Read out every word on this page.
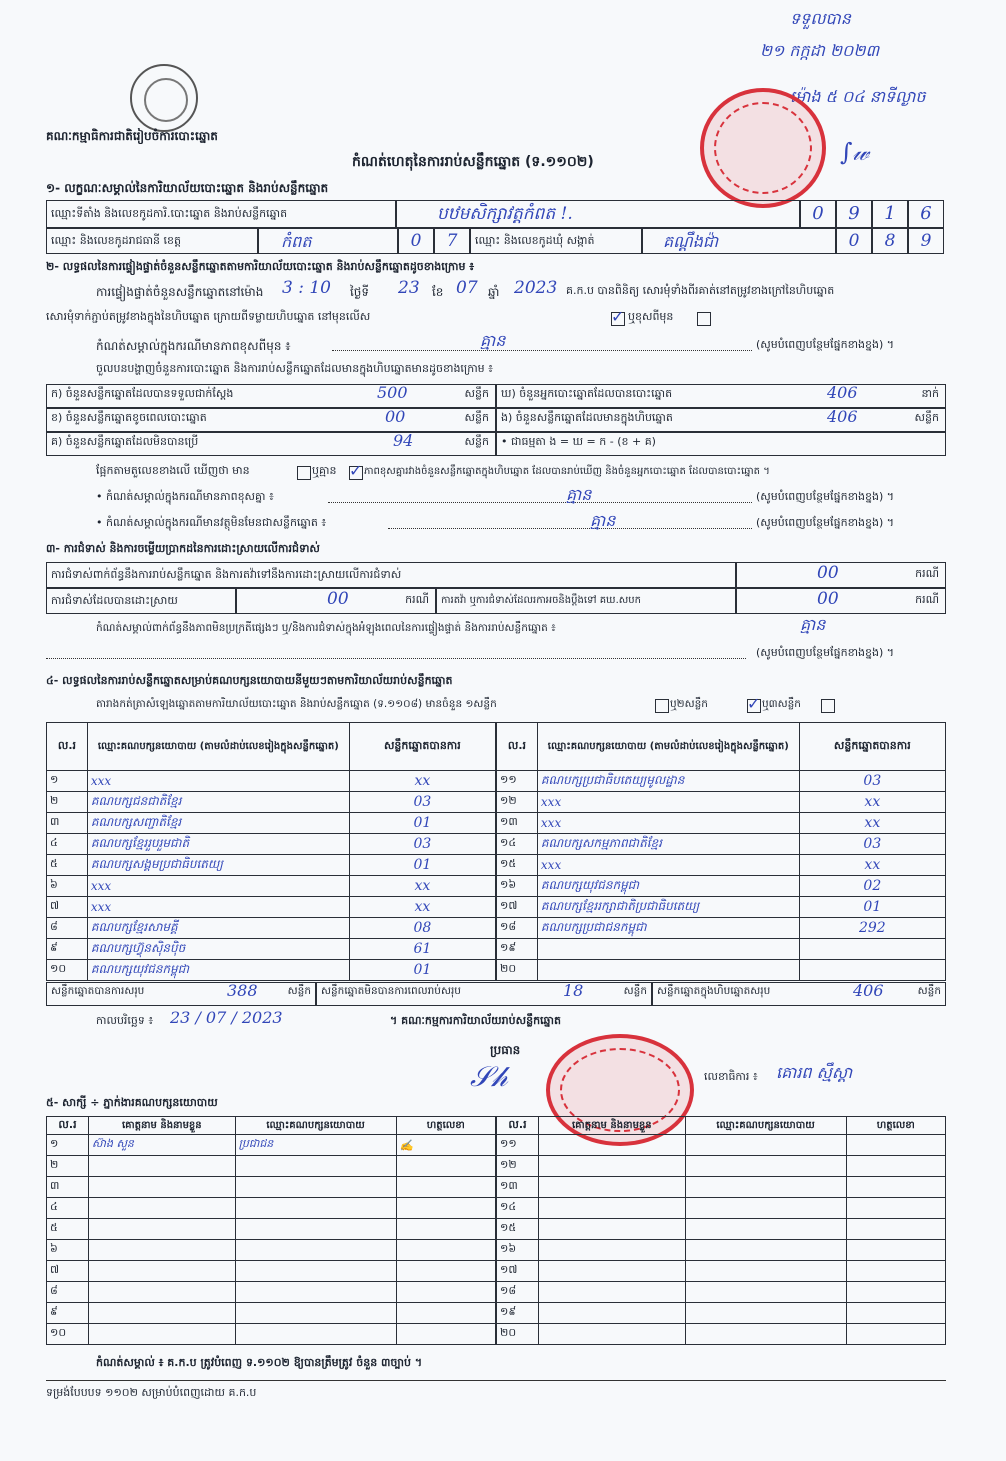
គណៈកម្មាធិការជាតិរៀបចំការបោះឆ្នោត
កំណត់ហេតុនៃការរាប់សន្លឹកឆ្នោត (ទ.១១០២)
ទទួលបាន
២១ កក្កដា ២០២៣
ម៉ោង ៥ ០៤ នាទីល្ងាច
∫𝓌
១- លក្ខណៈសម្គាល់នៃការិយាល័យបោះឆ្នោត និងរាប់សន្លឹកឆ្នោត
ឈ្មោះទីតាំង និងលេខកូដការិ.បោះឆ្នោត និងរាប់សន្លឹកឆ្នោត	បឋមសិក្សាវត្តកំពត !.	0	9	1	6
ឈ្មោះ និងលេខកូដរាជធានី ខេត្ត	កំពត	0	7	ឈ្មោះ និងលេខកូដឃុំ សង្កាត់	គណ្ដឹងជ៉ា	0	8	9
២- លទ្ធផលនៃការផ្ទៀងផ្ទាត់ចំនួនសន្លឹកឆ្នោតតាមការិយាល័យបោះឆ្នោត និងរាប់សន្លឹកឆ្នោតដូចខាងក្រោម ៖
ការផ្ទៀងផ្ទាត់ចំនួនសន្លឹកឆ្នោតនៅម៉ោង 3 : 10 ថ្ងៃទី 23 ខែ 07 ឆ្នាំ 2023 គ.ក.ប បានពិនិត្យ សោរមុំទាំងពីរគាត់នៅតម្រូវខាងក្រៅនៃហិបឆ្នោត
សោរមុំទាក់ភ្ជាប់តម្រូវខាងក្នុងនៃហិបឆ្នោត ក្រោយពីទម្លាយហិបឆ្នោត នៅមុនលើស ✓	ឬខុសពីមុន
កំណត់សម្គាល់ក្នុងករណីមានភាពខុសពីមុន ៖	គ្មាន	(សូមបំពេញបន្ថែមផ្នែកខាងខ្នង) ។
ចួលបនបង្ហាញចំនួនការបោះឆ្នោត និងការរាប់សន្លឹកឆ្នោតដែលមានក្នុងហិបឆ្នោតមានដូចខាងក្រោម ៖
ក) ចំនួនសន្លឹកឆ្នោតដែលបានទទួលជាក់ស្តែង	500	សន្លឹក	ឃ) ចំនួនអ្នកបោះឆ្នោតដែលបានបោះឆ្នោត	406	នាក់
ខ) ចំនួនសន្លឹកឆ្នោតខូចពេលបោះឆ្នោត	00	សន្លឹក	ង) ចំនួនសន្លឹកឆ្នោតដែលមានក្នុងហិបឆ្នោត	406	សន្លឹក
គ) ចំនួនសន្លឹកឆ្នោតដែលមិនបានប្រើ	94	សន្លឹក	• ជាធម្មតា ង = ឃ = ក - (ខ + គ)
ផ្អែកតាមតួលេខខាងលើ ឃើញថា មាន	ឬគ្មាន ✓	ភាពខុសគ្នារវាងចំនួនសន្លឹកឆ្នោតក្នុងហិបឆ្នោត ដែលបានរាប់ឃើញ និងចំនួនអ្នកបោះឆ្នោត ដែលបានបោះឆ្នោត ។
• កំណត់សម្គាល់ក្នុងករណីមានភាពខុសគ្នា ៖	គ្មាន	(សូមបំពេញបន្ថែមផ្នែកខាងខ្នង) ។
• កំណត់សម្គាល់ក្នុងករណីមានវត្ថុមិនមែនជាសន្លឹកឆ្នោត ៖	គ្មាន	(សូមបំពេញបន្ថែមផ្នែកខាងខ្នង) ។
៣- ការជំទាស់ និងការចម្លើយប្រាកដនៃការដោះស្រាយលើការជំទាស់
ការជំទាស់ពាក់ព័ន្ធនឹងការរាប់សន្លឹកឆ្នោត និងការតវ៉ាទៅនឹងការដោះស្រាយលើការជំទាស់	00	ករណី
ការជំទាស់ដែលបានដោះស្រាយ	00	ករណី	ការតវ៉ា ឬការជំទាស់ដែលរកាអចនិងប្ដឹងទៅ គឃ.សបក	00	ករណី
កំណត់សម្គាល់ពាក់ព័ន្ធនឹងភាពមិនប្រក្រតីផ្សេងៗ ឬ/និងការជំទាស់ក្នុងអំឡុងពេលនៃការផ្ទៀងផ្ទាត់ និងការរាប់សន្លឹកឆ្នោត ៖	គ្មាន
(សូមបំពេញបន្ថែមផ្នែកខាងខ្នង) ។
៤- លទ្ធផលនៃការរាប់សន្លឹកឆ្នោតសម្រាប់គណបក្សនយោបាយនីមួយៗតាមការិយាល័យរាប់សន្លឹកឆ្នោត
តារាងកត់ត្រាសំឡេងឆ្នោតតាមការិយាល័យបោះឆ្នោត និងរាប់សន្លឹកឆ្នោត (ទ.១១០៨) មានចំនួន ១សន្លឹក	ឬ២សន្លឹក ✓	ឬ៣សន្លឹក
ល.រ	ឈ្មោះគណបក្សនយោបាយ (តាមលំដាប់លេខរៀងក្នុងសន្លឹកឆ្នោត)	សន្លឹកឆ្នោតបានការ
១	xxx	xx
២	គណបក្សជនជាតិខ្មែរ	03
៣	គណបក្សសញ្ជាតិខ្មែរ	01
៤	គណបក្សខ្មែររួបរួមជាតិ	03
៥	គណបក្សសង្គមប្រជាធិបតេយ្យ	01
៦	xxx	xx
៧	xxx	xx
៨	គណបក្សខ្មែរសាមគ្គី	08
៩	គណបក្សហ៊្វុនស៊ិនប៉ិច	61
១០	គណបក្សយុវជនកម្ពុជា	01
ល.រ	ឈ្មោះគណបក្សនយោបាយ (តាមលំដាប់លេខរៀងក្នុងសន្លឹកឆ្នោត)	សន្លឹកឆ្នោតបានការ
១១	គណបក្សប្រជាធិបតេយ្យមូលដ្ឋាន	03
១២	xxx	xx
១៣	xxx	xx
១៤	គណបក្សសកម្មភាពជាតិខ្មែរ	03
១៥	xxx	xx
១៦	គណបក្សយុវជនកម្ពុជា	02
១៧	គណបក្សខ្មែររក្សាជាតិប្រជាធិបតេយ្យ	01
១៨	គណបក្សប្រជាជនកម្ពុជា	292
១៩		
២០		
សន្លឹកឆ្នោតបានការសរុប	388	សន្លឹក សន្លឹកឆ្នោតមិនបានការពេលរាប់សរុប	18	សន្លឹក សន្លឹកឆ្នោតក្នុងហិបឆ្នោតសរុប	406	សន្លឹក
កាលបរិច្ឆេទ ៖ 23 / 07 / 2023	។ គណៈកម្មការការិយាល័យរាប់សន្លឹកឆ្នោត
ប្រធាន
𝒮𝒽	លេខាធិការ ៖ គោរព ស្មឹស្ដា
៥- សាក្សី ÷ ភ្នាក់ងារគណបក្សនយោបាយ
ល.រ	គោត្តនាម និងនាមខ្លួន	ឈ្មោះគណបក្សនយោបាយ	ហត្ថលេខា
១	ស៊ាង សួន	ប្រជាជន	✍
២			
៣			
៤			
៥			
៦			
៧			
៨			
៩			
១០			
ល.រ	គោត្តនាម និងនាមខ្លួន	ឈ្មោះគណបក្សនយោបាយ	ហត្ថលេខា
១១			
១២			
១៣			
១៤			
១៥			
១៦			
១៧			
១៨			
១៩			
២០			
កំណត់សម្គាល់ ៖ គ.ក.ប ត្រូវបំពេញ ទ.១១០២ ឱ្យបានត្រឹមត្រូវ ចំនួន ៣ច្បាប់ ។
ទម្រង់បែបបទ ១១០២ សម្រាប់បំពេញដោយ គ.ក.ប
